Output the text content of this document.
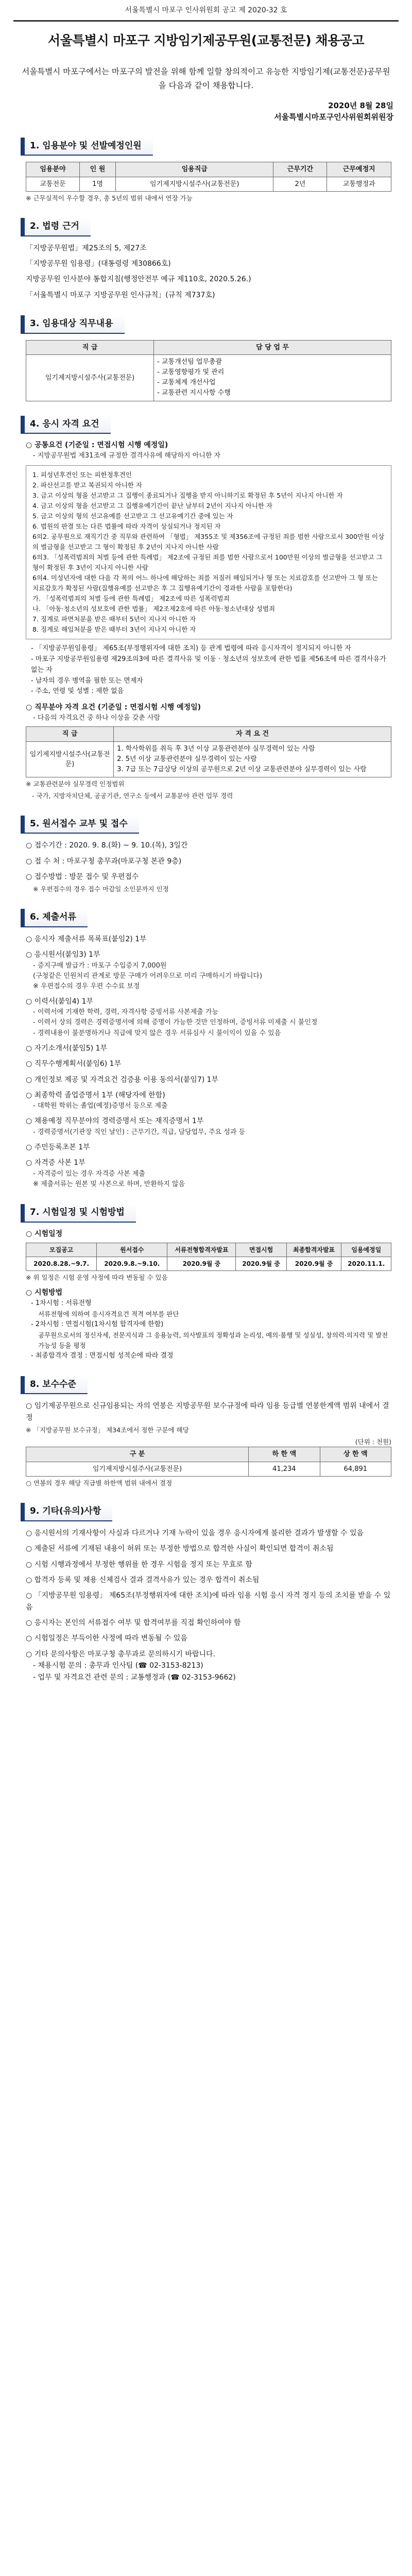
서울특별시 마포구 인사위원회 공고 제 2020-32 호
서울특별시 마포구 지방임기제공무원(교통전문) 채용공고
서울특별시 마포구에서는 마포구의 발전을 위해 함께 일할 창의적이고 유능한 지방임기제(교통전문)공무원을 다음과 같이 채용합니다.
2020년 8월 28일
서울특별시마포구인사위원회위원장
1. 임용분야 및 선발예정인원
임용분야	인 원	임용직급	근무기간	근무예정지
교통전문	1명	임기제지방시설주사(교통전문)	2년	교통행정과
※ 근무실적이 우수할 경우, 총 5년의 범위 내에서 연장 가능
2. 법령 근거
「지방공무원법」제25조의 5, 제27조
「지방공무원 임용령」(대통령령 제30866호)
지방공무원 인사분야 통합지침(행정안전부 예규 제110호, 2020.5.26.)
「서울특별시 마포구 지방공무원 인사규칙」(규칙 제737호)
3. 임용대상 직무내용
직 급	담 당 업 무
임기제지방시설주사(교통전문)	- 교통개선팀 업무총괄
- 교통영향평가 및 관리
- 교통체계 개선사업
- 교통관련 지시사항 수행
4. 응시 자격 요건
○ 공통요건 (기준일 : 면접시험 시행 예정일)
- 지방공무원법 제31조에 규정한 결격사유에 해당하지 아니한 자
1. 피성년후견인 또는 피한정후견인
2. 파산선고를 받고 복권되지 아니한 자
3. 금고 이상의 형을 선고받고 그 집행이 종료되거나 집행을 받지 아니하기로 확정된 후 5년이 지나지 아니한 자
4. 금고 이상의 형을 선고받고 그 집행유예기간이 끝난 날부터 2년이 지나지 아니한 자
5. 금고 이상의 형의 선고유예를 선고받고 그 선고유예기간 중에 있는 자
6. 법원의 판결 또는 다른 법률에 따라 자격이 상실되거나 정지된 자
6의2. 공무원으로 재직기간 중 직무와 관련하여 「형법」 제355조 및 제356조에 규정된 죄를 범한 사람으로서 300만원 이상의 벌금형을 선고받고 그 형이 확정된 후 2년이 지나지 아니한 사람
6의3. 「성폭력범죄의 처벌 등에 관한 특례법」 제2조에 규정된 죄를 범한 사람으로서 100만원 이상의 벌금형을 선고받고 그 형이 확정된 후 3년이 지나지 아니한 사람
6의4. 미성년자에 대한 다음 각 목의 어느 하나에 해당하는 죄를 저질러 해임되거나 형 또는 치료감호를 선고받아 그 형 또는 치료감호가 확정된 사람(집행유예를 선고받은 후 그 집행유예기간이 경과한 사람을 포함한다)
가. 「성폭력범죄의 처벌 등에 관한 특례법」 제2조에 따른 성폭력범죄
나. 「아동·청소년의 성보호에 관한 법률」 제2조제2호에 따른 아동·청소년대상 성범죄
7. 징계로 파면처분을 받은 때부터 5년이 지나지 아니한 자
8. 징계로 해임처분을 받은 때부터 3년이 지나지 아니한 자
- 「지방공무원임용령」 제65조(부정행위자에 대한 조치) 등 관계 법령에 따라 응시자격이 정지되지 아니한 자
- 마포구 지방공무원임용령 제29조의3에 따른 결격사유 및 이동 · 청소년의 성보호에 관한 법률 제56조에 따른 결격사유가 없는 자
- 남자의 경우 병역을 필한 또는 면제자
- 주소, 연령 및 성별 : 제한 없음
○ 직무분야 자격 요건 (기준일 : 면접시험 시행 예정일)
- 다음의 자격요건 중 하나 이상을 갖춘 사람
직 급	자 격 요 건
임기제지방시설주사(교통전문)	1. 학사학위를 취득 후 3년 이상 교통관련분야 실무경력이 있는 사람
2. 5년 이상 교통관련분야 실무경력이 있는 사람
3. 7급 또는 7급상당 이상의 공무원으로 2년 이상 교통관련분야 실무경력이 있는 사람
※ 교통관련분야 실무경력 인정범위
- 국가, 지방자치단체, 공공기관, 연구소 등에서 교통분야 관련 업무 경력
5. 원서접수 교부 및 접수
○ 접수기간 : 2020. 9. 8.(화) ~ 9. 10.(목), 3일간
○ 접 수 처 : 마포구청 총무과(마포구청 본관 9층)
○ 접수방법 : 방문 접수 및 우편접수
※ 우편접수의 경우 접수 마감일 소인분까지 인정
6. 제출서류
○ 응시자 제출서류 목록표(붙임2) 1부
○ 응시원서(붙임3) 1부
- 증지구매 발급가 : 마포구 수입증지 7,000원
(구청같은 민원처리 관계로 방문 구매가 어려우므로 미리 구매하시기 바랍니다)
※ 우편접수의 경우 우편 수수료 보정
○ 이력서(붙임4) 1부
- 이력서에 기재한 학력, 경력, 자격사항 증빙서류 사본제출 가능
- 이력서 상의 경력은 경력증명서에 의해 증명이 가능한 것만 인정하며, 증빙서류 미제출 시 불인정
- 경력내용이 불분명하거나 직급에 맞지 않은 경우 서류심사 시 불이익이 있을 수 있음
○ 자기소개서(붙임5) 1부
○ 직무수행계획서(붙임6) 1부
○ 개인정보 제공 및 자격요건 검증용 이용 동의서(붙임7) 1부
○ 최종학력 졸업증명서 1부 (해당자에 한함)
- 대학원 학위는 졸업(예정)증명서 등으로 제출
○ 채용예정 직무분야의 경력증명서 또는 재직증명서 1부
- 경력증명서(기관장 직인 날인) : 근무기간, 직급, 담당업무, 주요 성과 등
○ 주민등록초본 1부
○ 자격증 사본 1부
- 자격증이 있는 경우 자격증 사본 제출
※ 제출서류는 원본 및 사본으로 하며, 반환하지 않음
7. 시험일정 및 시험방법
○ 시험일정
모집공고	원서접수	서류전형합격자발표	면접시험	최종합격자발표	임용예정일
2020.8.28.~9.7.	2020.9.8.~9.10.	2020.9월 중	2020.9월 중	2020.9월 중	2020.11.1.
※ 위 일정은 시험 운영 사정에 따라 변동될 수 있음
○ 시험방법
- 1차시험 : 서류전형
서류전형에 의하여 응시자격요건 적격 여부를 판단
- 2차시험 : 면접시험(1차시험 합격자에 한함)
공무원으로서의 정신자세, 전문지식과 그 응용능력, 의사발표의 정확성과 논리성, 예의·품행 및 성실성, 창의력·의지력 및 발전가능성 등을 평정
- 최종합격자 결정 : 면접시험 성적순에 따라 결정
8. 보수수준
○ 임기제공무원으로 신규임용되는 자의 연봉은 지방공무원 보수규정에 따라 임용 등급별 연봉한계액 범위 내에서 결정
※ 「지방공무원 보수규정」 제34조에서 정한 구분에 해당
(단위 : 천원)
구 분	하 한 액	상 한 액
임기제지방시설주사(교통전문)	41,234	64,891
○ 연봉의 경우 해당 직급별 하한액 범위 내에서 결정
9. 기타(유의)사항
○ 응시원서의 기재사항이 사실과 다르거나 기재 누락이 있을 경우 응시자에게 불리한 결과가 발생할 수 있음
○ 제출된 서류에 기재된 내용이 허위 또는 부정한 방법으로 합격한 사실이 확인되면 합격이 취소됨
○ 시험 시행과정에서 부정한 행위를 한 경우 시험을 정지 또는 무효로 함
○ 합격자 등록 및 채용 신체검사 결과 결격사유가 있는 경우 합격이 취소됨
○ 「지방공무원 임용령」 제65조(부정행위자에 대한 조치)에 따라 임용 시험 응시 자격 정지 등의 조치를 받을 수 있음
○ 응시자는 본인의 서류접수 여부 및 합격여부를 직접 확인하여야 함
○ 시험일정은 부득이한 사정에 따라 변동될 수 있음
○ 기타 문의사항은 마포구청 총무과로 문의하시기 바랍니다.
- 채용시험 문의 : 총무과 인사팀 (☎ 02-3153-8213)
- 업무 및 자격요건 관련 문의 : 교통행정과 (☎ 02-3153-9662)
